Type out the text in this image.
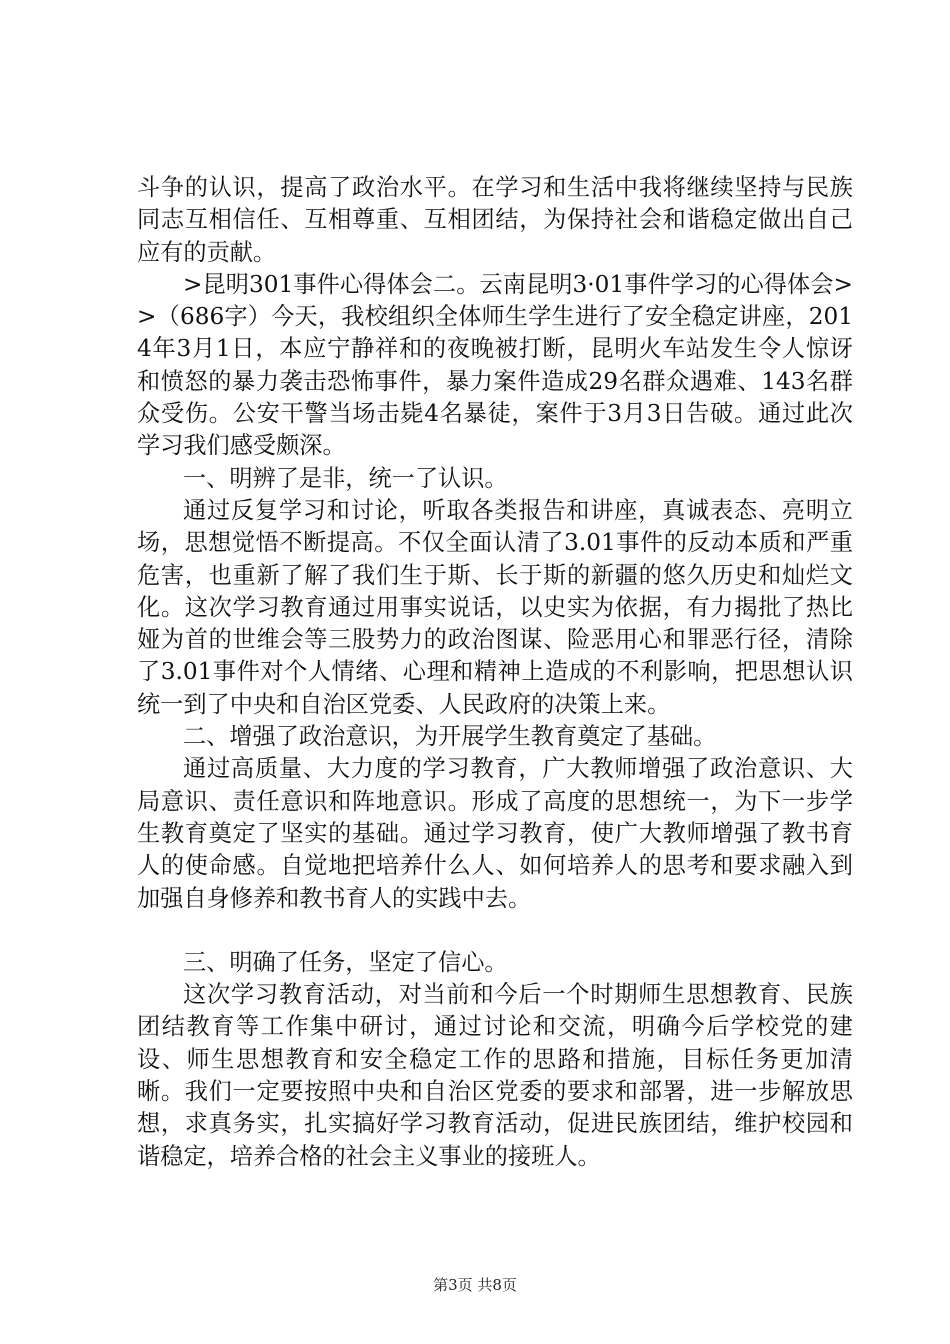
斗争的认识，提高了政治水平。在学习和生活中我将继续坚持与民族同志互相信任、互相尊重、互相团结，为保持社会和谐稳定做出自己应有的贡献。

>昆明301事件心得体会二。云南昆明3·01事件学习的心得体会>>（686字）今天，我校组织全体师生学生进行了安全稳定讲座，2014年3月1日，本应宁静祥和的夜晚被打断，昆明火车站发生令人惊讶和愤怒的暴力袭击恐怖事件，暴力案件造成29名群众遇难、143名群众受伤。公安干警当场击毙4名暴徒，案件于3月3日告破。通过此次学习我们感受颇深。

一、明辨了是非，统一了认识。

通过反复学习和讨论，听取各类报告和讲座，真诚表态、亮明立场，思想觉悟不断提高。不仅全面认清了3.01事件的反动本质和严重危害，也重新了解了我们生于斯、长于斯的新疆的悠久历史和灿烂文化。这次学习教育通过用事实说话，以史实为依据，有力揭批了热比娅为首的世维会等三股势力的政治图谋、险恶用心和罪恶行径，清除了3.01事件对个人情绪、心理和精神上造成的不利影响，把思想认识统一到了中央和自治区党委、人民政府的决策上来。

二、增强了政治意识，为开展学生教育奠定了基础。

通过高质量、大力度的学习教育，广大教师增强了政治意识、大局意识、责任意识和阵地意识。形成了高度的思想统一，为下一步学生教育奠定了坚实的基础。通过学习教育，使广大教师增强了教书育人的使命感。自觉地把培养什么人、如何培养人的思考和要求融入到加强自身修养和教书育人的实践中去。

三、明确了任务，坚定了信心。

这次学习教育活动，对当前和今后一个时期师生思想教育、民族团结教育等工作集中研讨，通过讨论和交流，明确今后学校党的建设、师生思想教育和安全稳定工作的思路和措施，目标任务更加清晰。我们一定要按照中央和自治区党委的要求和部署，进一步解放思想，求真务实，扎实搞好学习教育活动，促进民族团结，维护校园和谐稳定，培养合格的社会主义事业的接班人。

第3页 共8页
